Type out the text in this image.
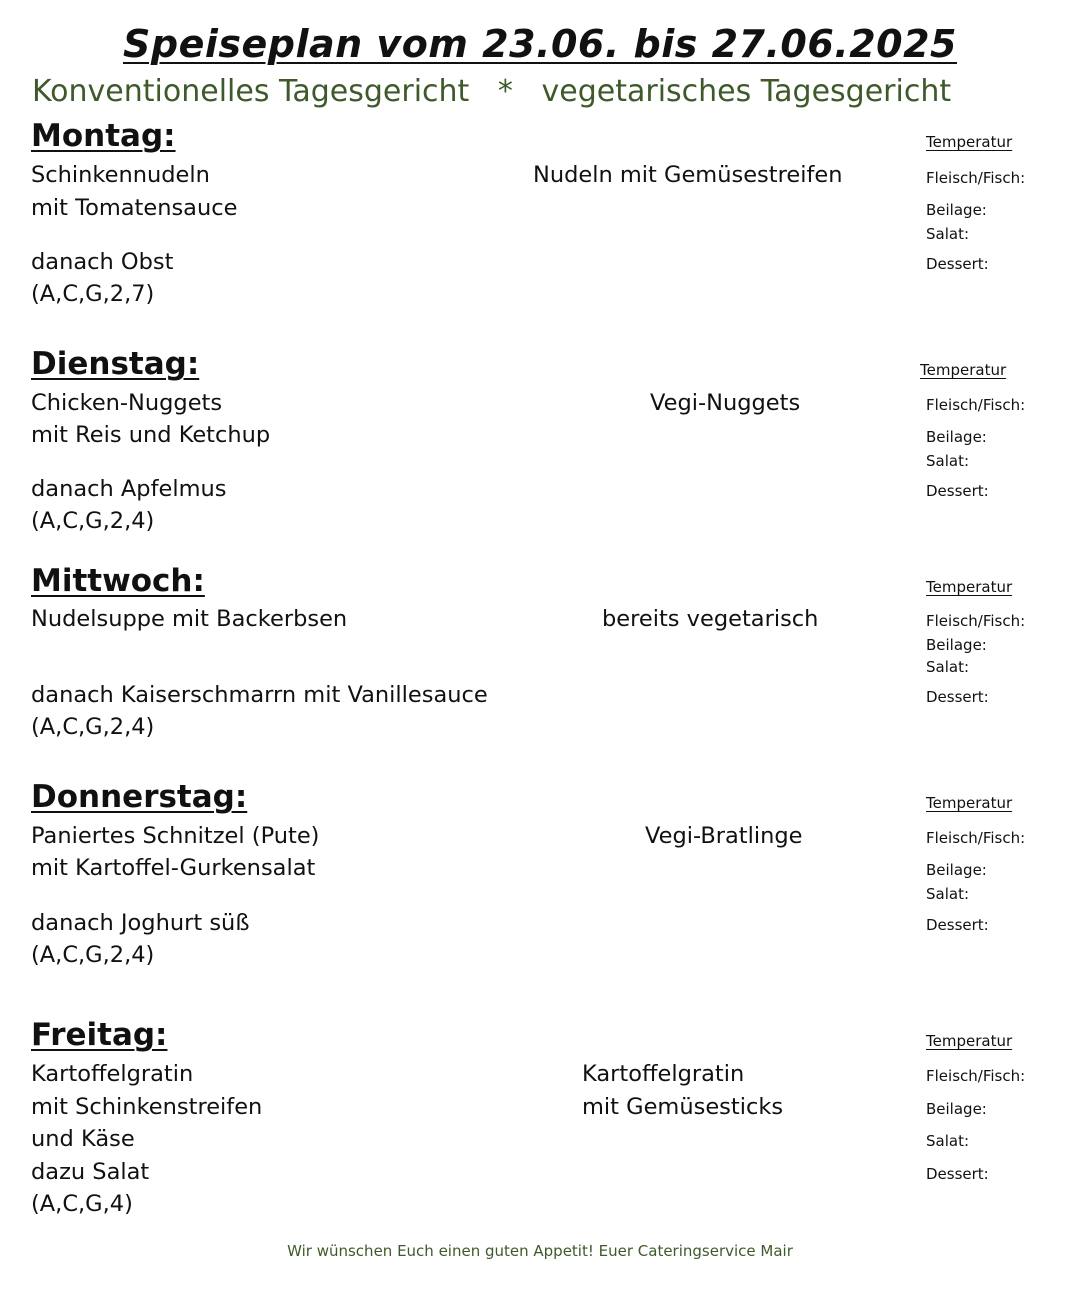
Speiseplan vom 23.06. bis 27.06.2025
Konventionelles Tagesgericht   *   vegetarisches Tagesgericht
Montag:
Schinkennudeln
mit Tomatensauce
Nudeln mit Gemüsestreifen
danach Obst
(A,C,G,2,7)
Temperatur
Fleisch/Fisch:
Beilage:
Salat:
Dessert:
Dienstag:
Chicken-Nuggets
mit Reis und Ketchup
Vegi-Nuggets
danach Apfelmus
(A,C,G,2,4)
Temperatur
Fleisch/Fisch:
Beilage:
Salat:
Dessert:
Mittwoch:
Nudelsuppe mit Backerbsen	bereits vegetarisch
danach Kaiserschmarrn mit Vanillesauce
(A,C,G,2,4)
Temperatur
Fleisch/Fisch:
Beilage:
Salat:
Dessert:
Donnerstag:
Paniertes Schnitzel (Pute)
mit Kartoffel-Gurkensalat
Vegi-Bratlinge
danach Joghurt süß
(A,C,G,2,4)
Temperatur
Fleisch/Fisch:
Beilage:
Salat:
Dessert:
Freitag:
Kartoffelgratin
mit Schinkenstreifen
und Käse
dazu Salat
Kartoffelgratin
mit Gemüsesticks
(A,C,G,4)
Temperatur
Fleisch/Fisch:
Beilage:
Salat:
Dessert:
Wir wünschen Euch einen guten Appetit! Euer Cateringservice Mair
